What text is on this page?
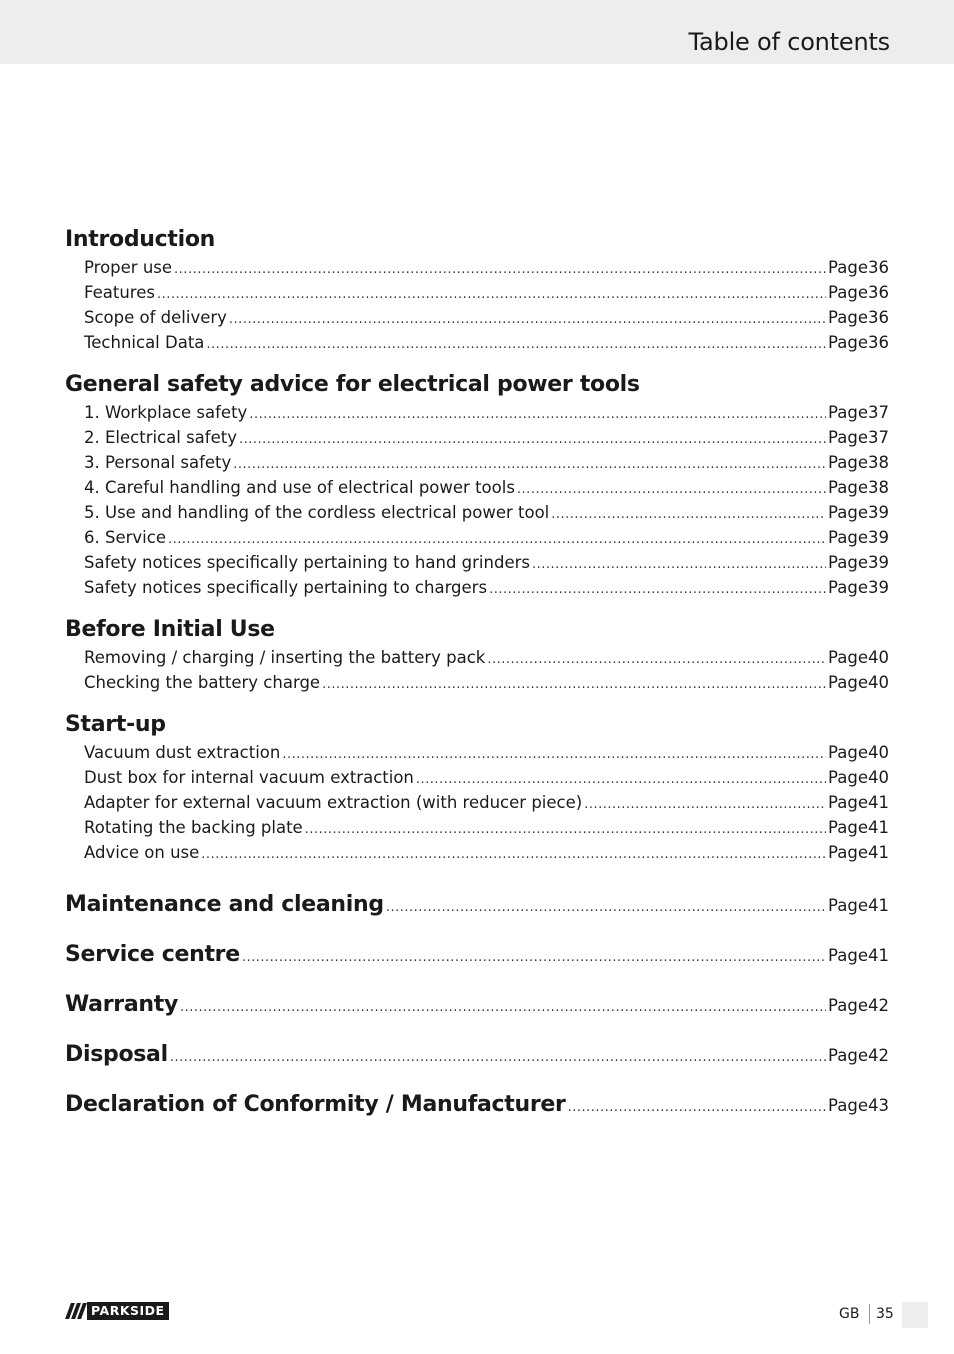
Table of contents
Introduction
Proper use .....	Page 36
Features .....	Page 36
Scope of delivery .....	Page 36
Technical Data .....	Page 36
General safety advice for electrical power tools
1. Workplace safety .....	Page 37
2. Electrical safety .....	Page 37
3. Personal safety .....	Page 38
4. Careful handling and use of electrical power tools .....	Page 38
5. Use and handling of the cordless electrical power tool .....	Page 39
6. Service .....	Page 39
Safety notices specifically pertaining to hand grinders .....	Page 39
Safety notices specifically pertaining to chargers .....	Page 39
Before Initial Use
Removing / charging / inserting the battery pack .....	Page 40
Checking the battery charge .....	Page 40
Start-up
Vacuum dust extraction .....	Page 40
Dust box for internal vacuum extraction .....	Page 40
Adapter for external vacuum extraction (with reducer piece) .....	Page 41
Rotating the backing plate .....	Page 41
Advice on use .....	Page 41
Maintenance and cleaning .....	Page 41
Service centre .....	Page 41
Warranty .....	Page 42
Disposal .....	Page 42
Declaration of Conformity / Manufacturer .....	Page 43
PARKSIDE	GB 35
